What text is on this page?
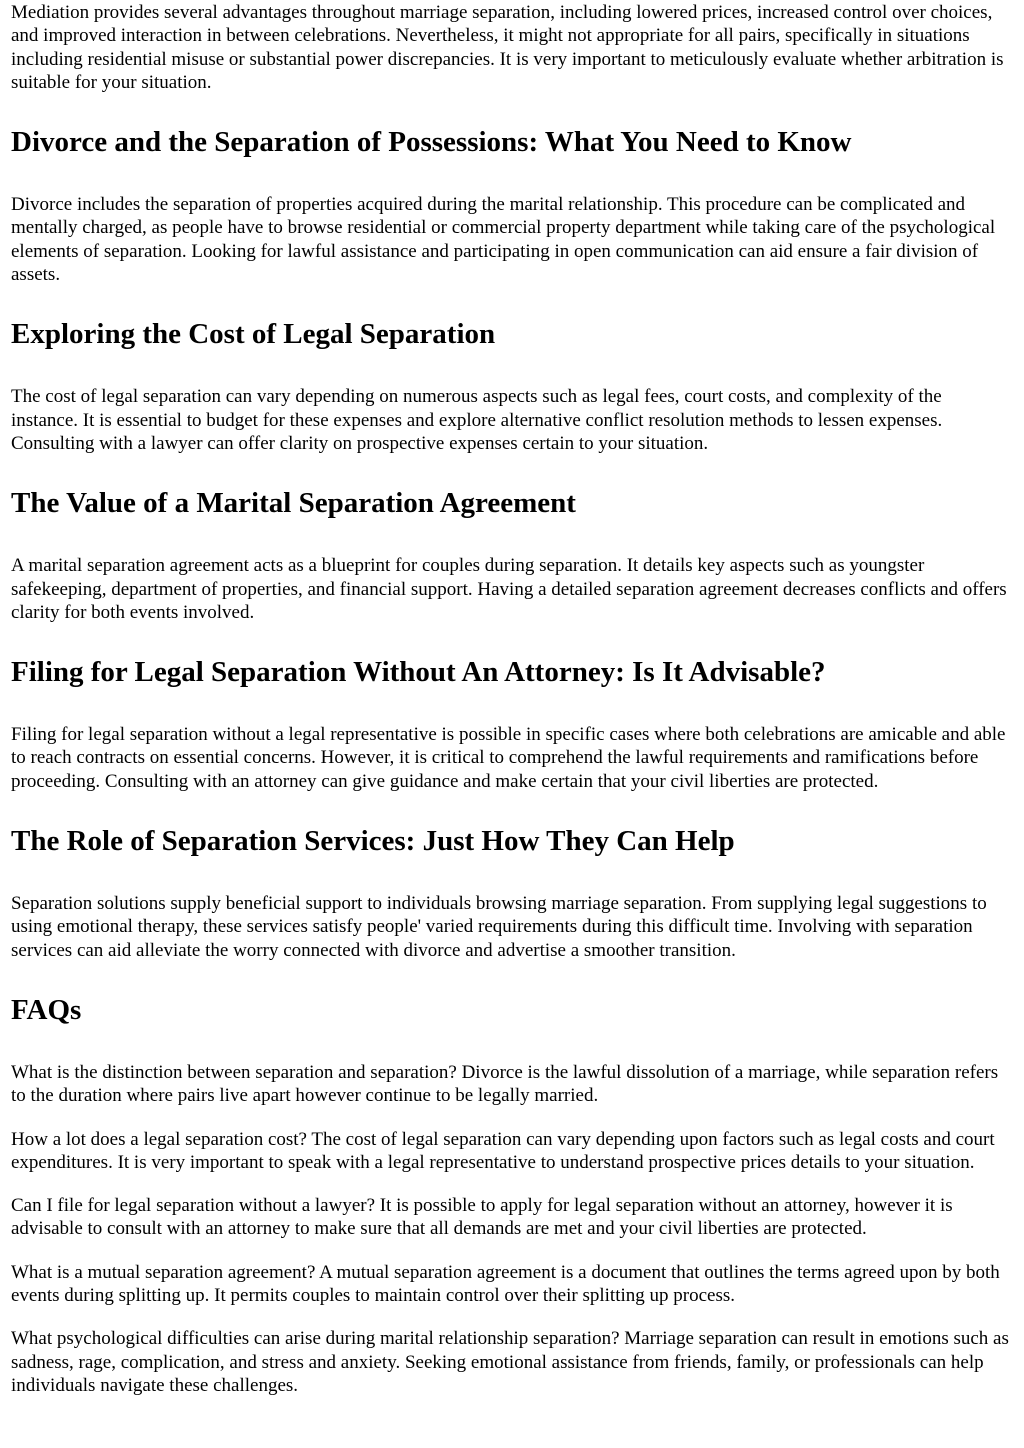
Mediation provides several advantages throughout marriage separation, including lowered prices, increased control over choices, and improved interaction in between celebrations. Nevertheless, it might not appropriate for all pairs, specifically in situations including residential misuse or substantial power discrepancies. It is very important to meticulously evaluate whether arbitration is suitable for your situation.

Divorce and the Separation of Possessions: What You Need to Know

Divorce includes the separation of properties acquired during the marital relationship. This procedure can be complicated and mentally charged, as people have to browse residential or commercial property department while taking care of the psychological elements of separation. Looking for lawful assistance and participating in open communication can aid ensure a fair division of assets.

Exploring the Cost of Legal Separation

The cost of legal separation can vary depending on numerous aspects such as legal fees, court costs, and complexity of the instance. It is essential to budget for these expenses and explore alternative conflict resolution methods to lessen expenses. Consulting with a lawyer can offer clarity on prospective expenses certain to your situation.

The Value of a Marital Separation Agreement

A marital separation agreement acts as a blueprint for couples during separation. It details key aspects such as youngster safekeeping, department of properties, and financial support. Having a detailed separation agreement decreases conflicts and offers clarity for both events involved.

Filing for Legal Separation Without An Attorney: Is It Advisable?

Filing for legal separation without a legal representative is possible in specific cases where both celebrations are amicable and able to reach contracts on essential concerns. However, it is critical to comprehend the lawful requirements and ramifications before proceeding. Consulting with an attorney can give guidance and make certain that your civil liberties are protected.

The Role of Separation Services: Just How They Can Help

Separation solutions supply beneficial support to individuals browsing marriage separation. From supplying legal suggestions to using emotional therapy, these services satisfy people' varied requirements during this difficult time. Involving with separation services can aid alleviate the worry connected with divorce and advertise a smoother transition.

FAQs

What is the distinction between separation and separation? Divorce is the lawful dissolution of a marriage, while separation refers to the duration where pairs live apart however continue to be legally married.

How a lot does a legal separation cost? The cost of legal separation can vary depending upon factors such as legal costs and court expenditures. It is very important to speak with a legal representative to understand prospective prices details to your situation.

Can I file for legal separation without a lawyer? It is possible to apply for legal separation without an attorney, however it is advisable to consult with an attorney to make sure that all demands are met and your civil liberties are protected.

What is a mutual separation agreement? A mutual separation agreement is a document that outlines the terms agreed upon by both events during splitting up. It permits couples to maintain control over their splitting up process.

What psychological difficulties can arise during marital relationship separation? Marriage separation can result in emotions such as sadness, rage, complication, and stress and anxiety. Seeking emotional assistance from friends, family, or professionals can help individuals navigate these challenges.
